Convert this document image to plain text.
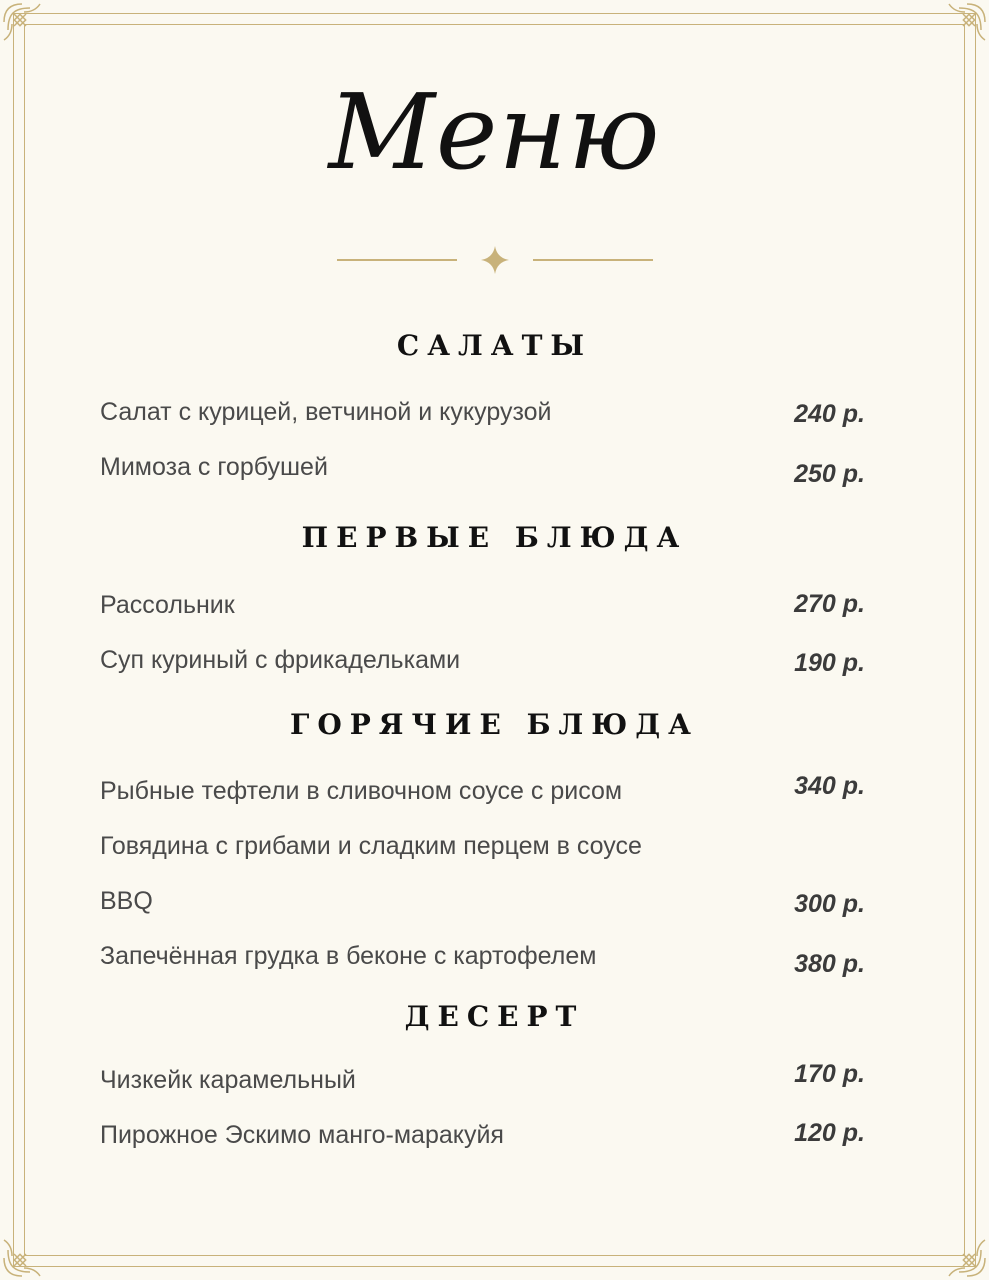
Меню
САЛАТЫ
Салат с курицей, ветчиной и кукурузой	240 р.
Мимоза с горбушей	250 р.
ПЕРВЫЕ БЛЮДА
Рассольник	270 р.
Суп куриный с фрикадельками	190 р.
ГОРЯЧИЕ БЛЮДА
Рыбные тефтели в сливочном соусе с рисом	340 р.
Говядина с грибами и сладким перцем в соусе
BBQ	300 р.
Запечённая грудка в беконе с картофелем	380 р.
ДЕСЕРТ
Чизкейк карамельный	170 р.
Пирожное Эскимо манго-маракуйя	120 р.
